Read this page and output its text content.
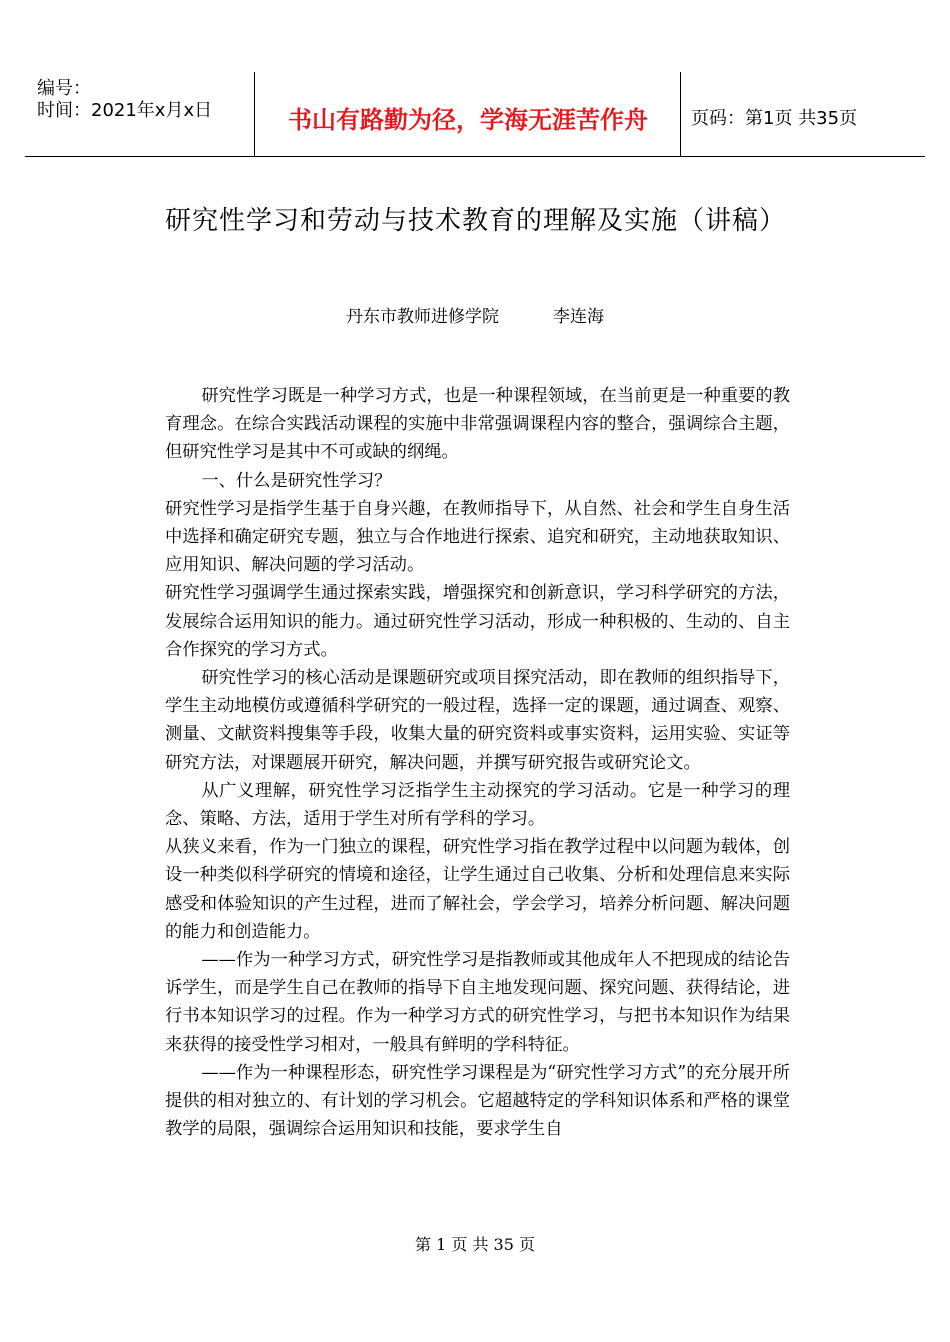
编号：
时间：2021年x月x日	书山有路勤为径，学海无涯苦作舟	页码：第1页 共35页
研究性学习和劳动与技术教育的理解及实施（讲稿）
丹东市教师进修学院          李连海

研究性学习既是一种学习方式，也是一种课程领域，在当前更是一种重要的教育理念。在综合实践活动课程的实施中非常强调课程内容的整合，强调综合主题，但研究性学习是其中不可或缺的纲绳。

一、什么是研究性学习？

研究性学习是指学生基于自身兴趣，在教师指导下，从自然、社会和学生自身生活中选择和确定研究专题，独立与合作地进行探索、追究和研究，主动地获取知识、应用知识、解决问题的学习活动。

研究性学习强调学生通过探索实践，增强探究和创新意识，学习科学研究的方法，发展综合运用知识的能力。通过研究性学习活动，形成一种积极的、生动的、自主合作探究的学习方式。

研究性学习的核心活动是课题研究或项目探究活动，即在教师的组织指导下，学生主动地模仿或遵循科学研究的一般过程，选择一定的课题，通过调查、观察、测量、文献资料搜集等手段，收集大量的研究资料或事实资料，运用实验、实证等研究方法，对课题展开研究，解决问题，并撰写研究报告或研究论文。

从广义理解，研究性学习泛指学生主动探究的学习活动。它是一种学习的理念、策略、方法，适用于学生对所有学科的学习。

从狭义来看，作为一门独立的课程，研究性学习指在教学过程中以问题为载体，创设一种类似科学研究的情境和途径，让学生通过自己收集、分析和处理信息来实际感受和体验知识的产生过程，进而了解社会，学会学习，培养分析问题、解决问题的能力和创造能力。

——作为一种学习方式，研究性学习是指教师或其他成年人不把现成的结论告诉学生，而是学生自己在教师的指导下自主地发现问题、探究问题、获得结论，进行书本知识学习的过程。作为一种学习方式的研究性学习，与把书本知识作为结果来获得的接受性学习相对，一般具有鲜明的学科特征。

——作为一种课程形态，研究性学习课程是为“研究性学习方式”的充分展开所提供的相对独立的、有计划的学习机会。它超越特定的学科知识体系和严格的课堂教学的局限，强调综合运用知识和技能，要求学生自

第 1 页 共 35 页
